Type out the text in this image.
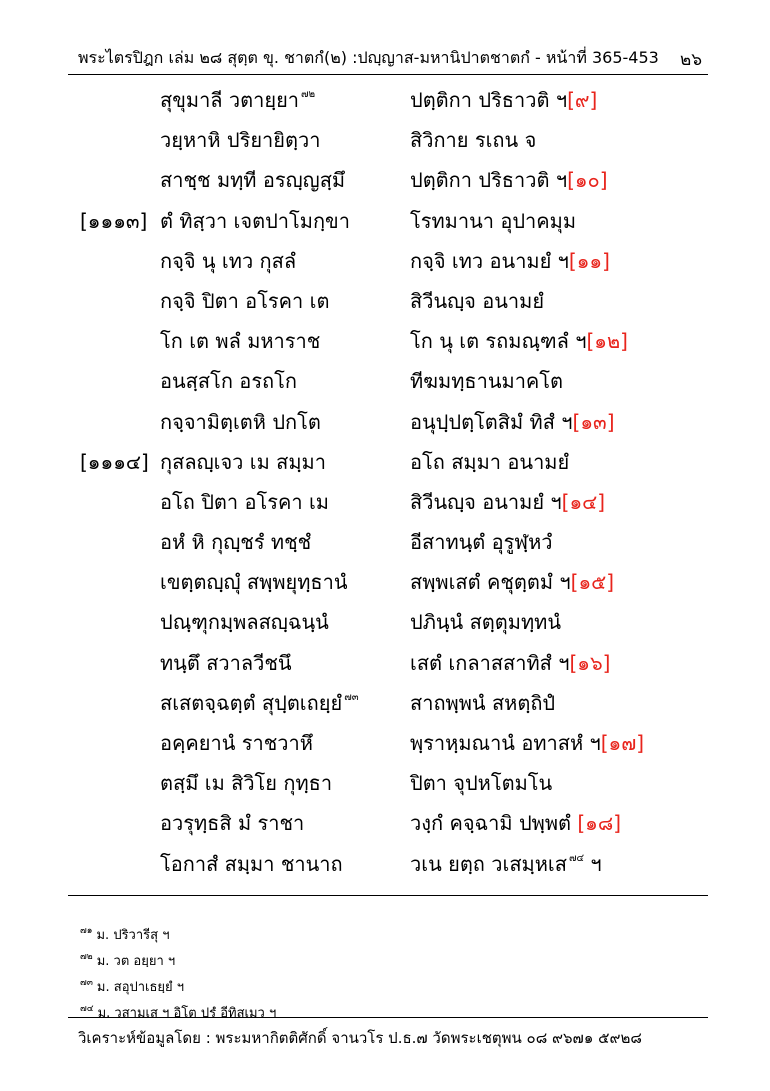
พระไตรปิฎก เล่ม ๒๘ สุตฺต ขุ. ชาตกํ(๒) :ปญฺญาส-มหานิปาตชาตกํ - หน้าที่ 365-453 ๒๖
สุขุมาลี วตายฺยา $^{๗๒}$	ปตฺติกา ปริธาวติ ฯ[๙]
วยฺหาหิ ปริยายิตฺวา	สิวิกาย รเถน จ
สาชฺช มทฺที อรญฺญสฺมึ	ปตฺติกา ปริธาวติ ฯ[๑๐]
[๑๑๑๓] ตํ ทิสฺวา เจตปาโมกฺขา	โรทมานา อุปาคมุม
กจฺจิ นุ เทว กุสลํ	กจฺจิ เทว อนามยํ ฯ[๑๑]
กจฺจิ ปิตา อโรคา เต	สิวีนญฺจ อนามยํ
โก เต พลํ มหาราช	โก นุ เต รถมณฺฑลํ ฯ[๑๒]
อนสฺสโก อรถโก	ทีฆมทฺธานมาคโต
กจฺจามิตฺเตหิ ปกโต	อนุปฺปตฺโตสิมํ ทิสํ ฯ[๑๓]
[๑๑๑๔] กุสลญฺเจว เม สมฺมา	อโถ สมฺมา อนามยํ
อโถ ปิตา อโรคา เม	สิวีนญฺจ อนามยํ ฯ[๑๔]
อหํ หิ กุญฺชรํ ทชฺชํ	อีสาทนฺตํ อุรูฬฺหวํ
เขตฺตญฺญุํ สพฺพยุทฺธานํ	สพฺพเสตํ คชุตฺตมํ ฯ[๑๕]
ปณฺฑุกมฺพลสญฺฉนฺนํ	ปภินฺนํ สตฺตุมทฺทนํ
ทนฺตึ สวาลวีชนึ	เสตํ เกลาสสาทิสํ ฯ[๑๖]
สเสตจฺฉตฺตํ สุปฺตเถยฺยํ $^{๗๓}$	สาถพฺพนํ สหตฺถิปํ
อคฺคยานํ ราชวาหึ	พฺราหฺมณานํ อทาสหํ ฯ[๑๗]
ตสฺมึ เม สิวิโย กุทฺธา	ปิตา จุปหโตมโน
อวรุทฺธสิ มํ ราชา	วงฺกํ คจฺฉามิ ปพฺพตํ [๑๘]
โอกาสํ สมฺมา ชานาถ	วเน ยตฺถ วเสมฺหเส $^{๗๔}$ ฯ
$^{๗๑}$ ม. ปริวารีสุ ฯ
$^{๗๒}$ ม. วต อยฺยา ฯ
$^{๗๓}$ ม. สอุปาเธยฺยํ ฯ
$^{๗๔}$ ม. วสามเส ฯ อิโต ปรํ อีทิสเมว ฯ
วิเคราะห์ข้อมูลโดย : พระมหากิตติศักดิ์ จานวโร ป.ธ.๗ วัดพระเชตุพน ๐๘ ๙๖๗๑ ๕๙๒๘
